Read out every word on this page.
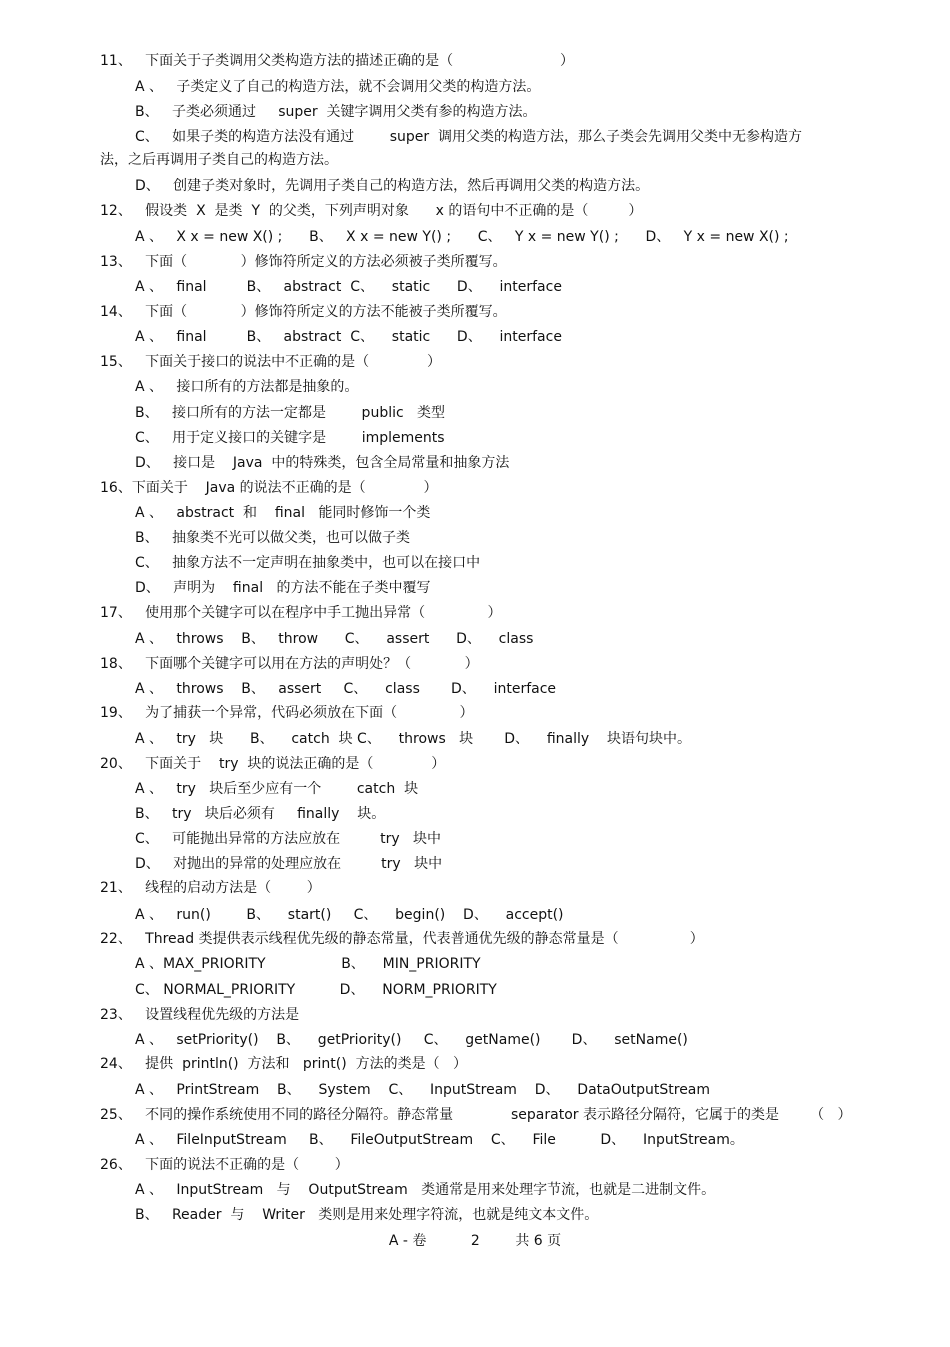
A - 卷          2        共 6 页
11、   下面关于子类调用父类构造方法的描述正确的是（                        ）
A 、   子类定义了自己的构造方法，就不会调用父类的构造方法。
B、   子类必须通过     super  关键字调用父类有参的构造方法。
C、   如果子类的构造方法没有通过        super  调用父类的构造方法，那么子类会先调用父类中无参构造方
法，之后再调用子类自己的构造方法。
D、   创建子类对象时，先调用子类自己的构造方法，然后再调用父类的构造方法。
12、   假设类  X  是类  Y  的父类，下列声明对象      x 的语句中不正确的是（         ）
A 、   X x = new X() ;      B、   X x = new Y() ;      C、   Y x = new Y() ;      D、   Y x = new X() ;
13、   下面（            ）修饰符所定义的方法必须被子类所覆写。
A 、   final         B、   abstract  C、    static      D、    interface
14、   下面（            ）修饰符所定义的方法不能被子类所覆写。
A 、   final         B、   abstract  C、    static      D、    interface
15、   下面关于接口的说法中不正确的是（             ）
A 、   接口所有的方法都是抽象的。
B、   接口所有的方法一定都是        public   类型
C、   用于定义接口的关键字是        implements
D、   接口是    Java  中的特殊类，包含全局常量和抽象方法
16、下面关于    Java 的说法不正确的是（             ）
A 、   abstract  和    final   能同时修饰一个类
B、   抽象类不光可以做父类，也可以做子类
C、   抽象方法不一定声明在抽象类中，也可以在接口中
D、   声明为    final   的方法不能在子类中覆写
17、   使用那个关键字可以在程序中手工抛出异常（              ）
A 、   throws    B、   throw      C、    assert      D、    class
18、   下面哪个关键字可以用在方法的声明处？（            ）
A 、   throws    B、   assert     C、    class       D、    interface
19、   为了捕获一个异常，代码必须放在下面（              ）
A 、   try   块      B、    catch  块 C、    throws   块       D、    finally    块语句块中。
20、   下面关于    try  块的说法正确的是（             ）
A 、   try   块后至少应有一个        catch  块
B、   try   块后必须有     finally    块。
C、   可能抛出异常的方法应放在         try   块中
D、   对抛出的异常的处理应放在         try   块中
21、   线程的启动方法是（        ）
A 、   run()        B、    start()     C、    begin()    D、    accept()
22、   Thread 类提供表示线程优先级的静态常量，代表普通优先级的静态常量是（                ）
A 、MAX_PRIORITY                 B、    MIN_PRIORITY
C、 NORMAL_PRIORITY          D、    NORM_PRIORITY
23、   设置线程优先级的方法是
A 、   setPriority()    B、    getPriority()     C、    getName()       D、    setName()
24、   提供  println()  方法和   print()  方法的类是（   ）
A 、   PrintStream    B、    System    C、    InputStream    D、    DataOutputStream
25、   不同的操作系统使用不同的路径分隔符。静态常量             separator 表示路径分隔符，它属于的类是       （   ）
A 、   FileInputStream     B、    FileOutputStream    C、    File          D、    InputStream。
26、   下面的说法不正确的是（        ）
A 、   InputStream   与    OutputStream   类通常是用来处理字节流，也就是二进制文件。
B、   Reader  与    Writer   类则是用来处理字符流，也就是纯文本文件。
